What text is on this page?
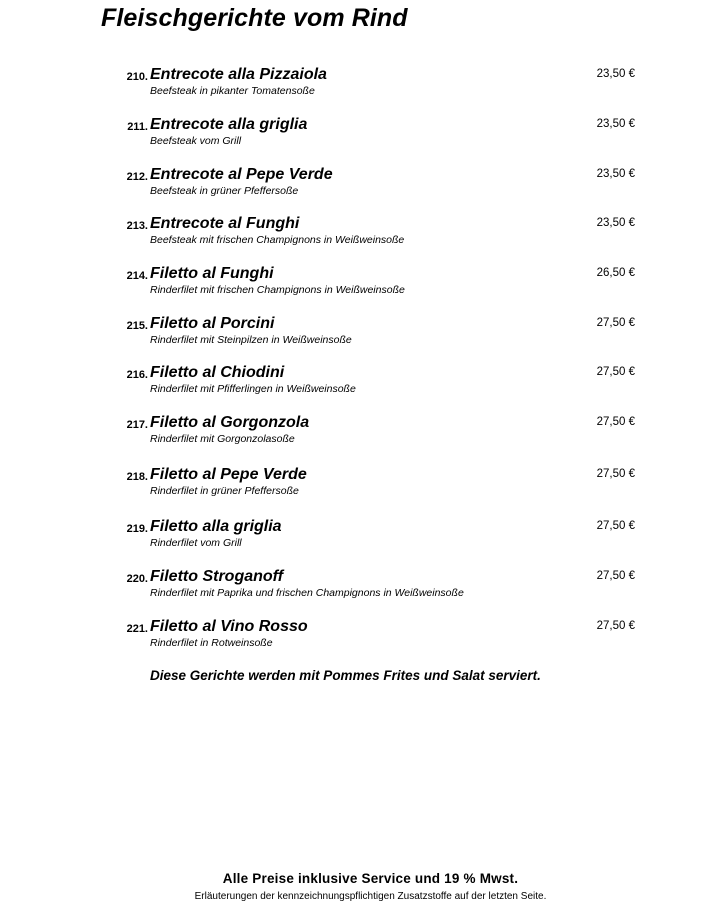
Fleischgerichte vom Rind
210. Entrecote alla Pizzaiola
Beefsteak in pikanter Tomatensoße
23,50 €
211. Entrecote alla griglia
Beefsteak vom Grill
23,50 €
212. Entrecote al Pepe Verde
Beefsteak in grüner Pfeffersoße
23,50 €
213. Entrecote al Funghi
Beefsteak mit frischen Champignons in Weißweinsoße
23,50 €
214. Filetto al Funghi
Rinderfilet mit frischen Champignons in Weißweinsoße
26,50 €
215. Filetto al Porcini
Rinderfilet mit Steinpilzen in Weißweinsoße
27,50 €
216. Filetto al Chiodini
Rinderfilet mit Pfifferlingen in Weißweinsoße
27,50 €
217. Filetto al Gorgonzola
Rinderfilet mit Gorgonzolasoße
27,50 €
218. Filetto al Pepe Verde
Rinderfilet in grüner Pfeffersoße
27,50 €
219. Filetto alla griglia
Rinderfilet vom Grill
27,50 €
220. Filetto Stroganoff
Rinderfilet mit Paprika und frischen Champignons in Weißweinsoße
27,50 €
221. Filetto al Vino Rosso
Rinderfilet in Rotweinsoße
27,50 €
Diese Gerichte werden mit Pommes Frites und Salat serviert.
Alle Preise inklusive Service und 19 % Mwst.
Erläuterungen der kennzeichnungspflichtigen Zusatzstoffe auf der letzten Seite.
